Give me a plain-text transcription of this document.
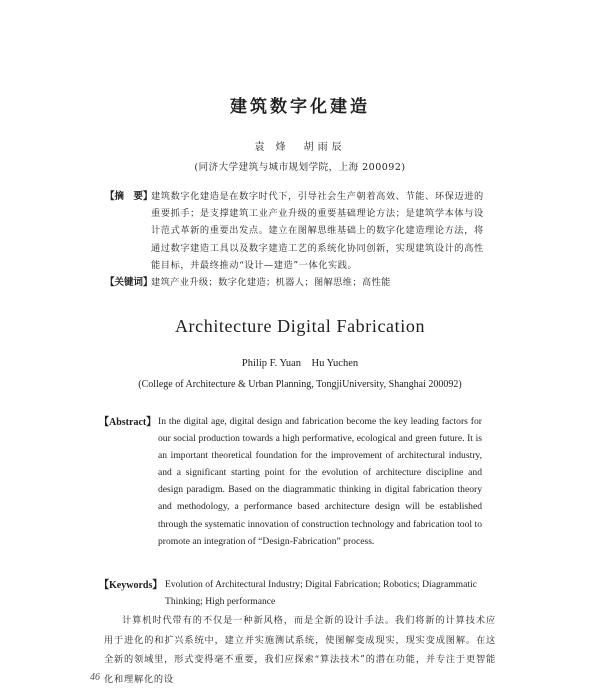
建筑数字化建造
袁 烽　胡雨辰
(同济大学建筑与城市规划学院，上海 200092)
【摘　要】
建筑数字化建造是在数字时代下，引导社会生产朝着高效、节能、环保迈进的重要抓手；是支撑建筑工业产业升级的重要基础理论方法；是建筑学本体与设计范式革新的重要出发点。建立在图解思维基础上的数字化建造理论方法，将通过数字建造工具以及数字建造工艺的系统化协同创新，实现建筑设计的高性能目标，并最终推动“设计—建造”一体化实践。
【关键词】
建筑产业升级；数字化建造；机器人；图解思维；高性能
Architecture Digital Fabrication
Philip F. Yuan　Hu Yuchen
(College of Architecture & Urban Planning, TongjiUniversity, Shanghai 200092)
【Abstract】 In the digital age, digital design and fabrication become the key leading factors for our social production towards a high performative, ecological and green future. It is an important theoretical foundation for the improvement of architectural industry, and a significant starting point for the evolution of architecture discipline and design paradigm. Based on the diagrammatic thinking in digital fabrication theory and methodology, a performance based architecture design will be established through the systematic innovation of construction technology and fabrication tool to promote an integration of “Design-Fabrication” process.
【Keywords】 Evolution of Architectural Industry; Digital Fabrication; Robotics; Diagrammatic Thinking; High performance
计算机时代带有的不仅是一种新风格，而是全新的设计手法。我们将新的计算技术应用于进化的和扩兴系统中，建立并实施测试系统，使图解变成现实，现实变成图解。在这全新的领域里，形式变得毫不重要，我们应探索“算法技术”的潜在功能，并专注于更智能化和理解化的设
46
